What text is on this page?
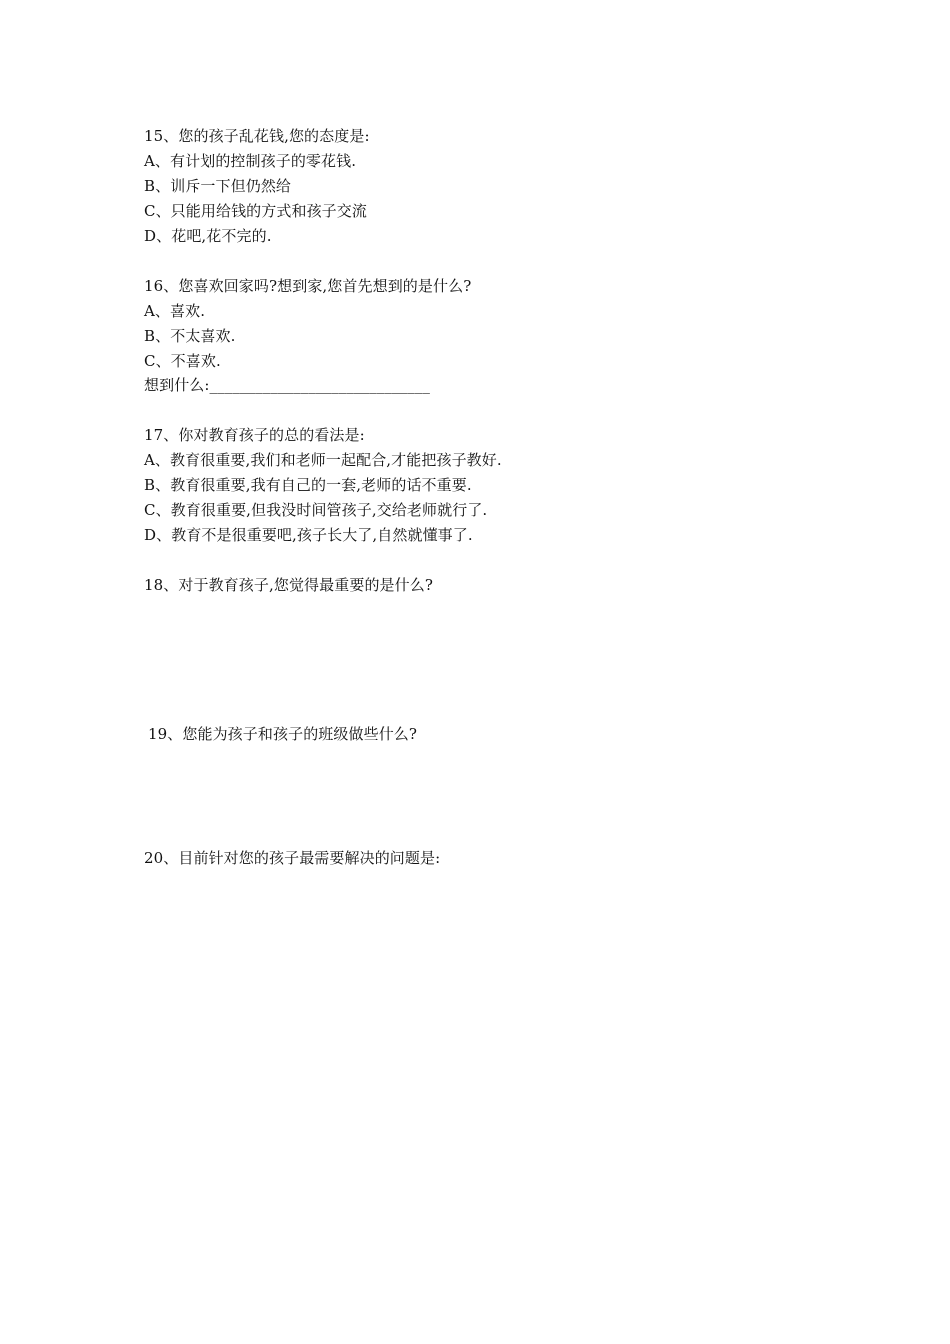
15、您的孩子乱花钱,您的态度是:
A、有计划的控制孩子的零花钱.
B、训斥一下但仍然给
C、只能用给钱的方式和孩子交流
D、花吧,花不完的.
16、您喜欢回家吗?想到家,您首先想到的是什么?
A、喜欢.
B、不太喜欢.
C、不喜欢.
想到什么:_____________________________
17、你对教育孩子的总的看法是:
A、教育很重要,我们和老师一起配合,才能把孩子教好.
B、教育很重要,我有自己的一套,老师的话不重要.
C、教育很重要,但我没时间管孩子,交给老师就行了.
D、教育不是很重要吧,孩子长大了,自然就懂事了.
18、对于教育孩子,您觉得最重要的是什么?
19、您能为孩子和孩子的班级做些什么?
20、目前针对您的孩子最需要解决的问题是:
